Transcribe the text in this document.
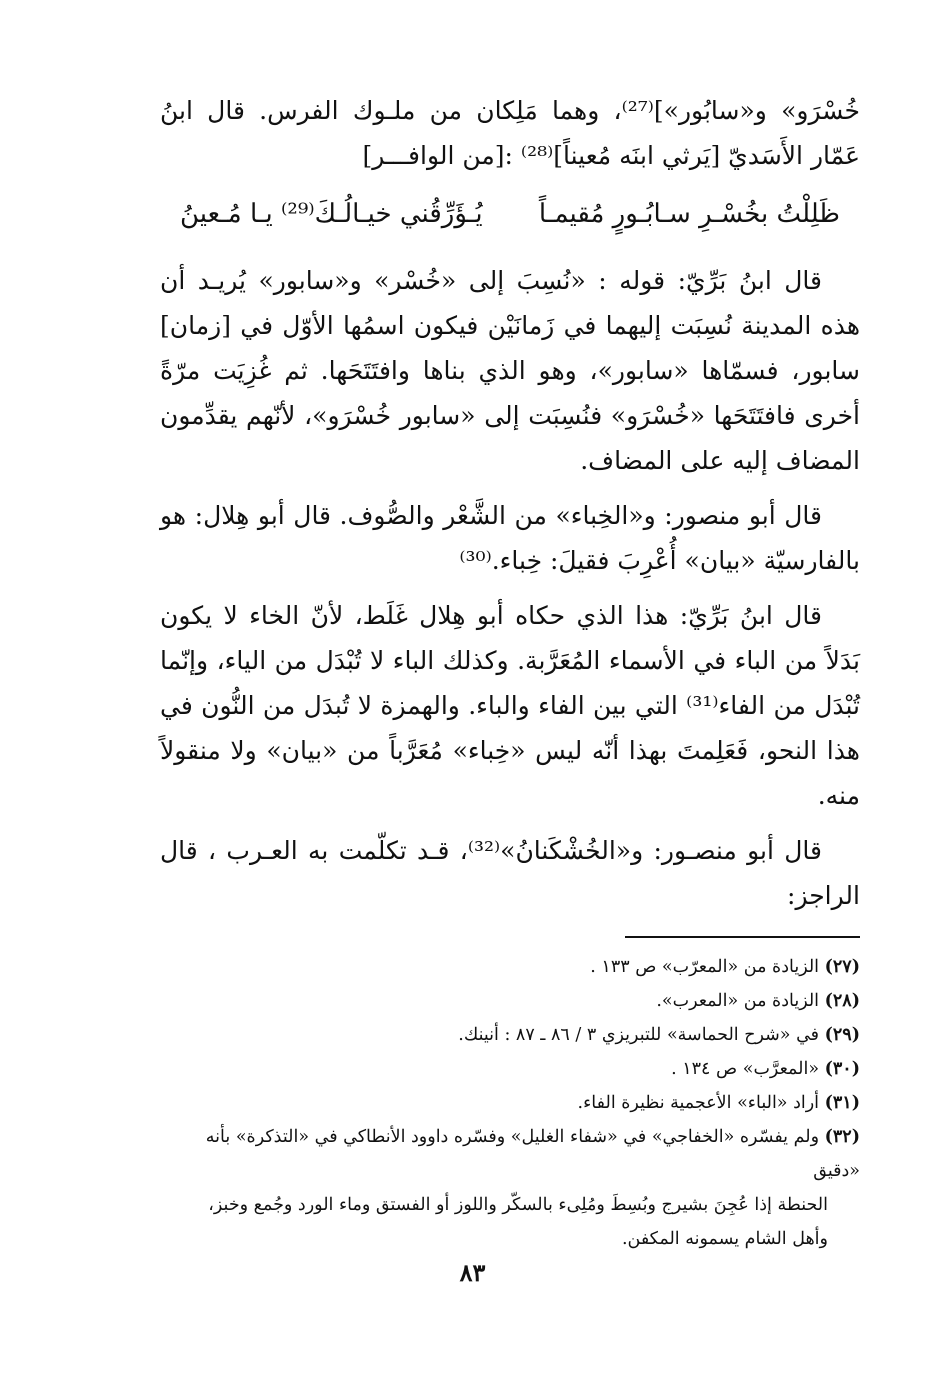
خُسْرَو» و«سابُور»]⁽²⁷⁾، وهما مَلِكان من ملـوك الفرس. قال ابنُ عَمّار الأَسَديّ [يَرثي ابنَه مُعيناً]⁽²⁸⁾ :[من الوافـــر]

ظَلِلْتُ بخُسْـرِ سـابُـورٍ مُقيمـاً
يُـؤَرِّقُني خيـالُـكَ⁽²⁹⁾ يـا مُـعينُ

قال ابنُ بَرِّيّ: قوله : «نُسِبَ إلى «خُسْر» و«سابور» يُريـد أن هذه المدينة نُسِبَت إليهما في زَمانَيْن فيكون اسمُها الأوّل في [زمان] سابور، فسمّاها «سابور»، وهو الذي بناها وافتَتَحَها. ثم غُزِيَت مرّةً أخرى فافتَتَحَها «خُسْرَو» فنُسِبَت إلى «سابور خُسْرَو»، لأنّهم يقدِّمون المضاف إليه على المضاف.

قال أبو منصور: و«الخِباء» من الشَّعْر والصُّوف. قال أبو هِلال: هو بالفارسيّة «بيان» أُعْرِبَ فقيلَ: خِباء.⁽³⁰⁾

قال ابنُ بَرِّيّ: هذا الذي حكاه أبو هِلال غَلَط، لأنّ الخاء لا يكون بَدَلاً من الباء في الأسماء المُعَرَّبة. وكذلك الباء لا تُبْدَل من الياء، وإنّما تُبْدَل من الفاء⁽³¹⁾ التي بين الفاء والباء. والهمزة لا تُبدَل من النُّون في هذا النحو، فَعَلِمتَ بهذا أنّه ليس «خِباء» مُعَرَّباً من «بيان» ولا منقولاً منه.

قال أبو منصـور: و«الخُشْكَنانُ»⁽³²⁾، قـد تكلّمت به العـرب ، قال الراجز:

(٢٧) الزيادة من «المعرّب» ص ١٣٣ .

(٢٨) الزيادة من «المعرب».

(٢٩) في «شرح الحماسة» للتبريزي ٣ / ٨٦ ـ ٨٧ : أنينك.

(٣٠) «المعرَّب» ص ١٣٤ .

(٣١) أراد «الباء» الأعجمية نظيرة الفاء.

(٣٢) ولم يفسّره «الخفاجي» في «شفاء الغليل» وفسّره داوود الأنطاكي في «التذكرة» بأنه «دقيق

الحنطة إذا عُجِنَ بشيرج وبُسِطَ ومُلِىء بالسكّر واللوز أو الفستق وماء الورد وجُمع وخبز،

وأهل الشام يسمونه المكفن.

٨٣
